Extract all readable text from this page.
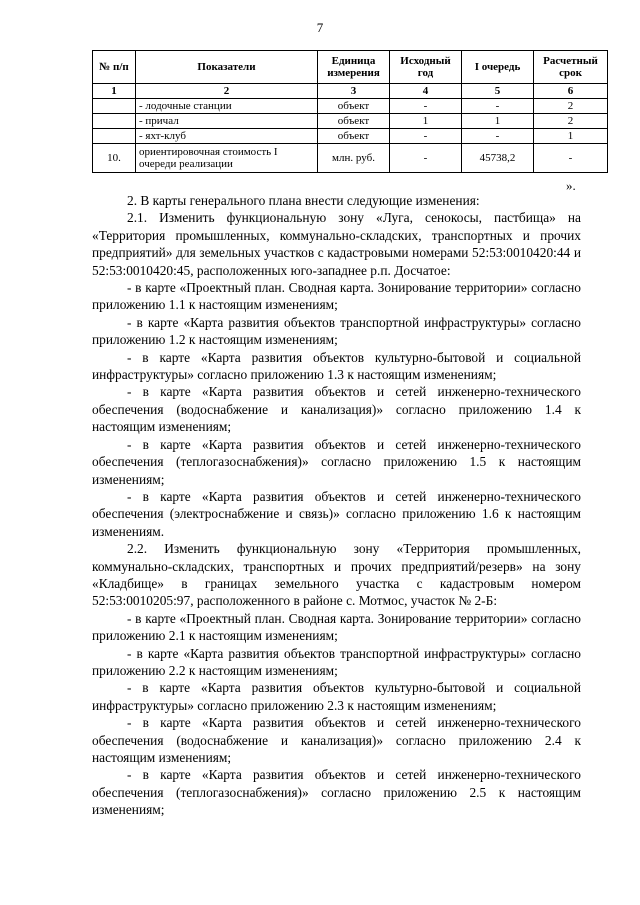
7
№ п/п	Показатели	Единица измерения	Исходный год	I очередь	Расчетный срок
1	2	3	4	5	6
	- лодочные станции	объект	-	-	2
	- причал	объект	1	1	2
	- яхт-клуб	объект	-	-	1
10.	ориентировочная стоимость I очереди реализации	млн. руб.	-	45738,2	-
».

2. В карты генерального плана внести следующие изменения:

2.1. Изменить функциональную зону «Луга, сенокосы, пастбища» на «Территория промышленных, коммунально-складских, транспортных и прочих предприятий» для земельных участков с кадастровыми номерами 52:53:0010420:44 и 52:53:0010420:45, расположенных юго-западнее р.п. Досчатое:

- в карте «Проектный план. Сводная карта. Зонирование территории» согласно приложению 1.1 к настоящим изменениям;

- в карте «Карта развития объектов транспортной инфраструктуры» согласно приложению 1.2 к настоящим изменениям;

- в карте «Карта развития объектов культурно-бытовой и социальной инфраструктуры» согласно приложению 1.3 к настоящим изменениям;

- в карте «Карта развития объектов и сетей инженерно-технического обеспечения (водоснабжение и канализация)» согласно приложению 1.4 к настоящим изменениям;

- в карте «Карта развития объектов и сетей инженерно-технического обеспечения (теплогазоснабжения)» согласно приложению 1.5 к настоящим изменениям;

- в карте «Карта развития объектов и сетей инженерно-технического обеспечения (электроснабжение и связь)» согласно приложению 1.6 к настоящим изменениям.

2.2. Изменить функциональную зону «Территория промышленных, коммунально-складских, транспортных и прочих предприятий/резерв» на зону «Кладбище» в границах земельного участка с кадастровым номером 52:53:0010205:97, расположенного в районе с. Мотмос, участок № 2-Б:

- в карте «Проектный план. Сводная карта. Зонирование территории» согласно приложению 2.1 к настоящим изменениям;

- в карте «Карта развития объектов транспортной инфраструктуры» согласно приложению 2.2 к настоящим изменениям;

- в карте «Карта развития объектов культурно-бытовой и социальной инфраструктуры» согласно приложению 2.3 к настоящим изменениям;

- в карте «Карта развития объектов и сетей инженерно-технического обеспечения (водоснабжение и канализация)» согласно приложению 2.4 к настоящим изменениям;

- в карте «Карта развития объектов и сетей инженерно-технического обеспечения (теплогазоснабжения)» согласно приложению 2.5 к настоящим изменениям;
